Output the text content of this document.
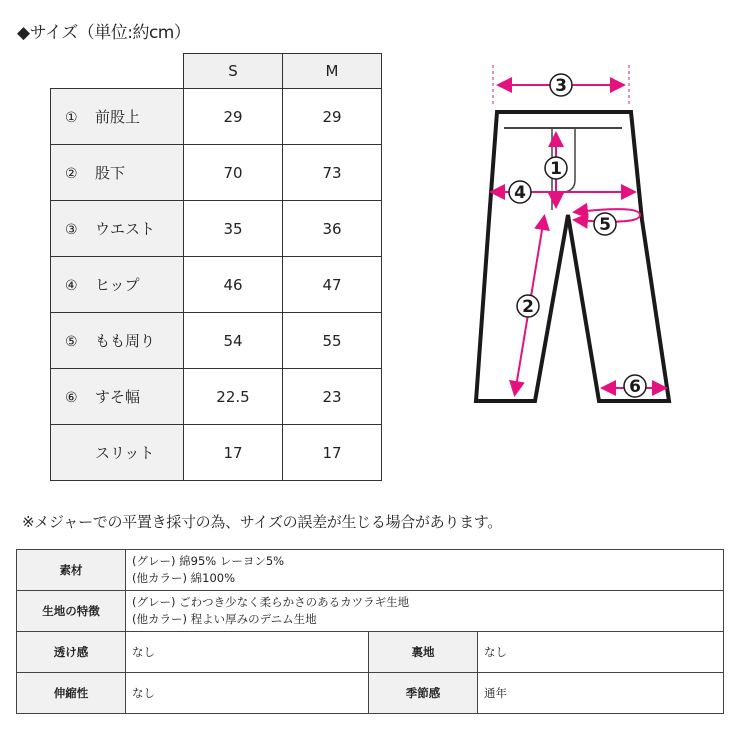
◆サイズ（単位:約cm）
	S	M
① 前股上	29	29
② 股下	70	73
③ ウエスト	35	36
④ ヒップ	46	47
⑤ もも周り	54	55
⑥ すそ幅	22.5	23
スリット	17	17
3
1
4
5
2
6
※メジャーでの平置き採寸の為、サイズの誤差が生じる場合があります。
素材	(グレー) 綿95% レーヨン5%
(他カラー) 綿100%		

生地の特徴	(グレー) ごわつき少なく柔らかさのあるカツラギ生地
(他カラー) 程よい厚みのデニム生地		

透け感	なし	裏地	なし
伸縮性	なし	季節感	通年
